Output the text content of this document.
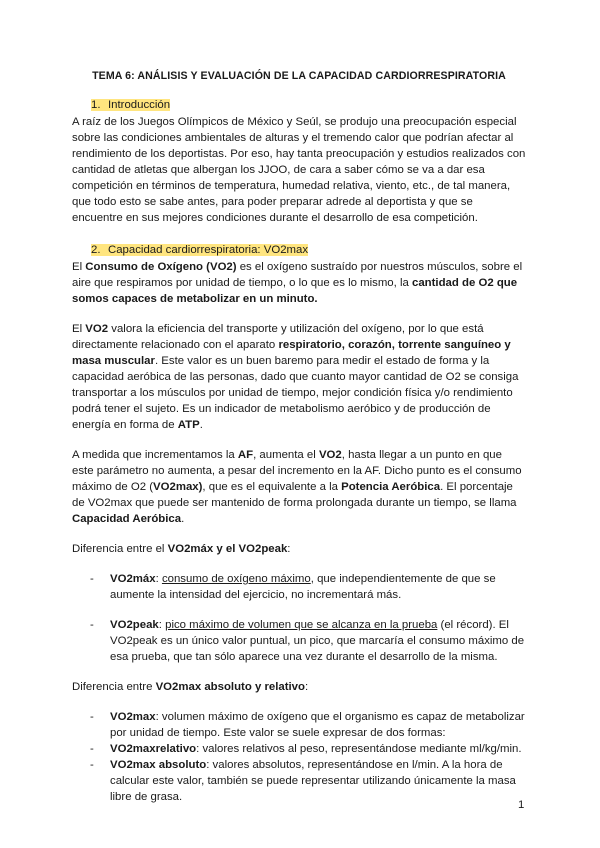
TEMA 6: ANÁLISIS Y EVALUACIÓN DE LA CAPACIDAD CARDIORRESPIRATORIA
1. Introducción

A raíz de los Juegos Olímpicos de México y Seúl, se produjo una preocupación especial sobre las condiciones ambientales de alturas y el tremendo calor que podrían afectar al rendimiento de los deportistas. Por eso, hay tanta preocupación y estudios realizados con cantidad de atletas que albergan los JJOO, de cara a saber cómo se va a dar esa competición en términos de temperatura, humedad relativa, viento, etc., de tal manera, que todo esto se sabe antes, para poder preparar adrede al deportista y que se encuentre en sus mejores condiciones durante el desarrollo de esa competición.

2. Capacidad cardiorrespiratoria: VO2max

El Consumo de Oxígeno (VO2) es el oxígeno sustraído por nuestros músculos, sobre el aire que respiramos por unidad de tiempo, o lo que es lo mismo, la cantidad de O2 que somos capaces de metabolizar en un minuto.

El VO2 valora la eficiencia del transporte y utilización del oxígeno, por lo que está directamente relacionado con el aparato respiratorio, corazón, torrente sanguíneo y masa muscular. Este valor es un buen baremo para medir el estado de forma y la capacidad aeróbica de las personas, dado que cuanto mayor cantidad de O2 se consiga transportar a los músculos por unidad de tiempo, mejor condición física y/o rendimiento podrá tener el sujeto. Es un indicador de metabolismo aeróbico y de producción de energía en forma de ATP.

A medida que incrementamos la AF, aumenta el VO2, hasta llegar a un punto en que este parámetro no aumenta, a pesar del incremento en la AF. Dicho punto es el consumo máximo de O2 (VO2max), que es el equivalente a la Potencia Aeróbica. El porcentaje de VO2max que puede ser mantenido de forma prolongada durante un tiempo, se llama Capacidad Aeróbica.

Diferencia entre el VO2máx y el VO2peak:

- VO2máx: consumo de oxígeno máximo, que independientemente de que se aumente la intensidad del ejercicio, no incrementará más.
- VO2peak: pico máximo de volumen que se alcanza en la prueba (el récord). El VO2peak es un único valor puntual, un pico, que marcaría el consumo máximo de esa prueba, que tan sólo aparece una vez durante el desarrollo de la misma.

Diferencia entre VO2max absoluto y relativo:

- VO2max: volumen máximo de oxígeno que el organismo es capaz de metabolizar por unidad de tiempo. Este valor se suele expresar de dos formas:
- VO2maxrelativo: valores relativos al peso, representándose mediante ml/kg/min.
- VO2max absoluto: valores absolutos, representándose en l/min. A la hora de calcular este valor, también se puede representar utilizando únicamente la masa libre de grasa.
1
